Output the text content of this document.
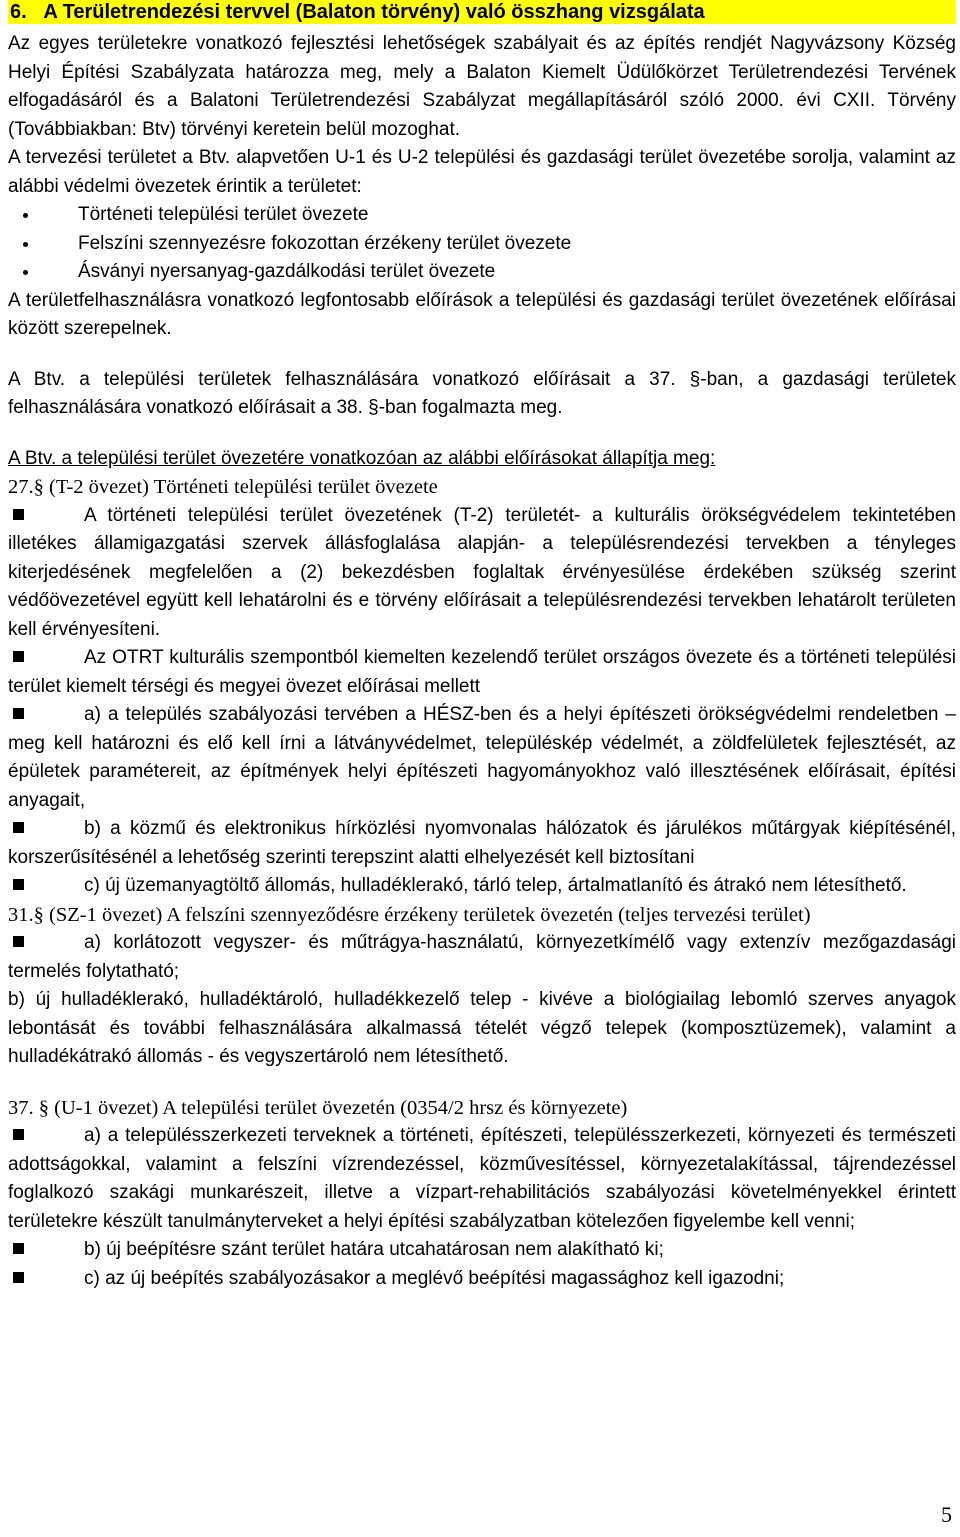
6.   A Területrendezési tervvel (Balaton törvény) való összhang vizsgálata

Az egyes területekre vonatkozó fejlesztési lehetőségek szabályait és az építés rendjét Nagyvázsony Község Helyi Építési Szabályzata határozza meg, mely a Balaton Kiemelt Üdülőkörzet Területrendezési Tervének elfogadásáról és a Balatoni Területrendezési Szabályzat megállapításáról szóló 2000. évi CXII. Törvény (Továbbiakban: Btv) törvényi keretein belül mozoghat.

A tervezési területet a Btv. alapvetően U-1 és U-2 települési és gazdasági terület övezetébe sorolja, valamint az alábbi védelmi övezetek érintik a területet:

Történeti települési terület övezete
Felszíni szennyezésre fokozottan érzékeny terület övezete
Ásványi nyersanyag-gazdálkodási terület övezete

A területfelhasználásra vonatkozó legfontosabb előírások a települési és gazdasági terület övezetének előírásai között szerepelnek.

A Btv. a települési területek felhasználására vonatkozó előírásait a 37. §-ban, a gazdasági területek felhasználására vonatkozó előírásait a 38. §-ban fogalmazta meg.

A Btv. a települési terület övezetére vonatkozóan az alábbi előírásokat állapítja meg:

27.§ (T-2 övezet) Történeti települési terület övezete

A történeti települési terület övezetének (T-2) területét- a kulturális örökségvédelem tekintetében illetékes államigazgatási szervek állásfoglalása alapján- a településrendezési tervekben a tényleges kiterjedésének megfelelően a (2) bekezdésben foglaltak érvényesülése érdekében szükség szerint védőövezetével együtt kell lehatárolni és e törvény előírásait a településrendezési tervekben lehatárolt területen kell érvényesíteni.

Az OTRT kulturális szempontból kiemelten kezelendő terület országos övezete és a történeti települési terület kiemelt térségi és megyei övezet előírásai mellett

a) a település szabályozási tervében a HÉSZ-ben és a helyi építészeti örökségvédelmi rendeletben – meg kell határozni és elő kell írni a látványvédelmet, településkép védelmét, a zöldfelületek fejlesztését, az épületek paramétereit, az építmények helyi építészeti hagyományokhoz való illesztésének előírásait, építési anyagait,

b) a közmű és elektronikus hírközlési nyomvonalas hálózatok és járulékos műtárgyak kiépítésénél, korszerűsítésénél a lehetőség szerinti terepszint alatti elhelyezését kell biztosítani

c) új üzemanyagtöltő állomás, hulladéklerakó, tárló telep, ártalmatlanító és átrakó nem létesíthető.

31.§ (SZ-1 övezet) A felszíni szennyeződésre érzékeny területek övezetén (teljes tervezési terület)

a) korlátozott vegyszer- és műtrágya-használatú, környezetkímélő vagy extenzív mezőgazdasági termelés folytatható;

b) új hulladéklerakó, hulladéktároló, hulladékkezelő telep - kivéve a biológiailag lebomló szerves anyagok lebontását és további felhasználására alkalmassá tételét végző telepek (komposztüzemek), valamint a hulladékátrakó állomás - és vegyszertároló nem létesíthető.

37. § (U-1 övezet) A települési terület övezetén (0354/2 hrsz és környezete)

a) a településszerkezeti terveknek a történeti, építészeti, településszerkezeti, környezeti és természeti adottságokkal, valamint a felszíni vízrendezéssel, közművesítéssel, környezetalakítással, tájrendezéssel foglalkozó szakági munkarészeit, illetve a vízpart-rehabilitációs szabályozási követelményekkel érintett területekre készült tanulmányterveket a helyi építési szabályzatban kötelezően figyelembe kell venni;

b) új beépítésre szánt terület határa utcahatárosan nem alakítható ki;

c) az új beépítés szabályozásakor a meglévő beépítési magassághoz kell igazodni;

5
